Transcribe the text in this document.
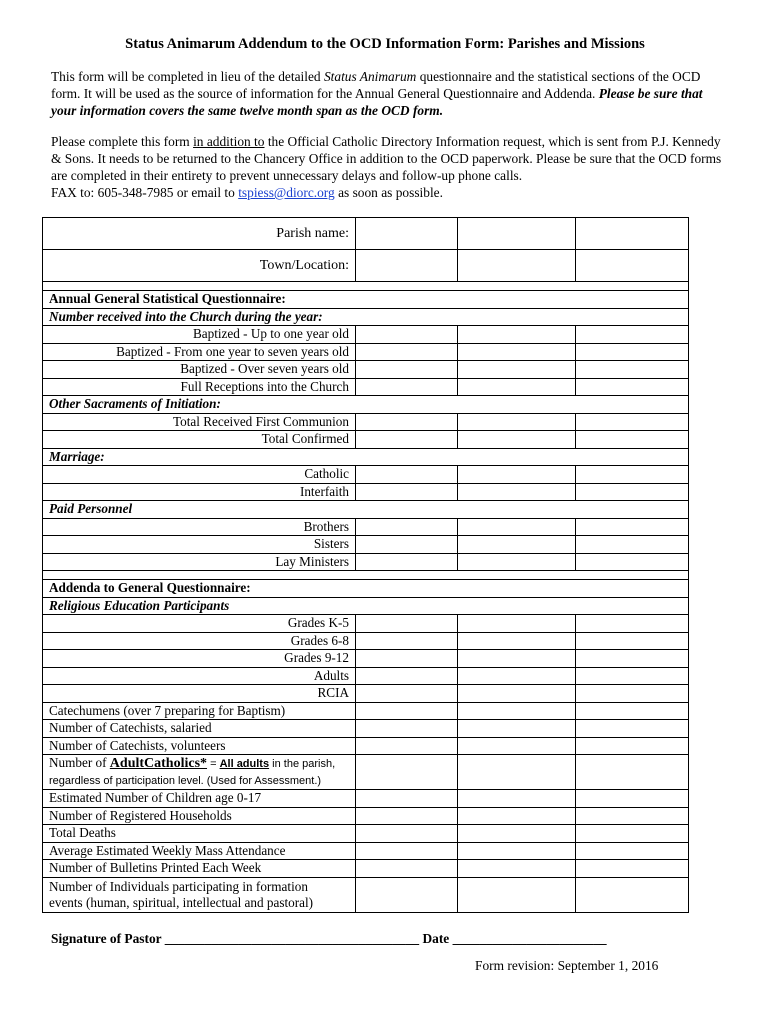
Status Animarum Addendum to the OCD Information Form: Parishes and Missions
This form will be completed in lieu of the detailed Status Animarum questionnaire and the statistical sections of the OCD form. It will be used as the source of information for the Annual General Questionnaire and Addenda. Please be sure that your information covers the same twelve month span as the OCD form.
Please complete this form in addition to the Official Catholic Directory Information request, which is sent from P.J. Kennedy & Sons. It needs to be returned to the Chancery Office in addition to the OCD paperwork. Please be sure that the OCD forms are completed in their entirety to prevent unnecessary delays and follow-up phone calls.
FAX to: 605-348-7985 or email to tspiess@diorc.org as soon as possible.
Parish name:			
Town/Location:			

Annual General Statistical Questionnaire:			
Number received into the Church during the year:			
Baptized - Up to one year old			
Baptized - From one year to seven years old			
Baptized - Over seven years old			
Full Receptions into the Church			
Other Sacraments of Initiation:			
Total Received First Communion			
Total Confirmed			
Marriage:			
Catholic			
Interfaith			
Paid Personnel			
Brothers			
Sisters			
Lay Ministers			

Addenda to General Questionnaire:			
Religious Education Participants			
Grades K-5			
Grades 6-8			
Grades 9-12			
Adults			
RCIA			
Catechumens (over 7 preparing for Baptism)			
Number of Catechists, salaried			
Number of Catechists, volunteers			
Number of AdultCatholics* = All adults in the parish,
regardless of participation level. (Used for Assessment.)			
Estimated Number of Children age 0-17			
Number of Registered Households			
Total Deaths			
Average Estimated Weekly Mass Attendance			
Number of Bulletins Printed Each Week			
Number of Individuals participating in formation
events (human, spiritual, intellectual and pastoral)			
Signature of Pastor ______________________________________ Date _______________________
Form revision: September 1, 2016
